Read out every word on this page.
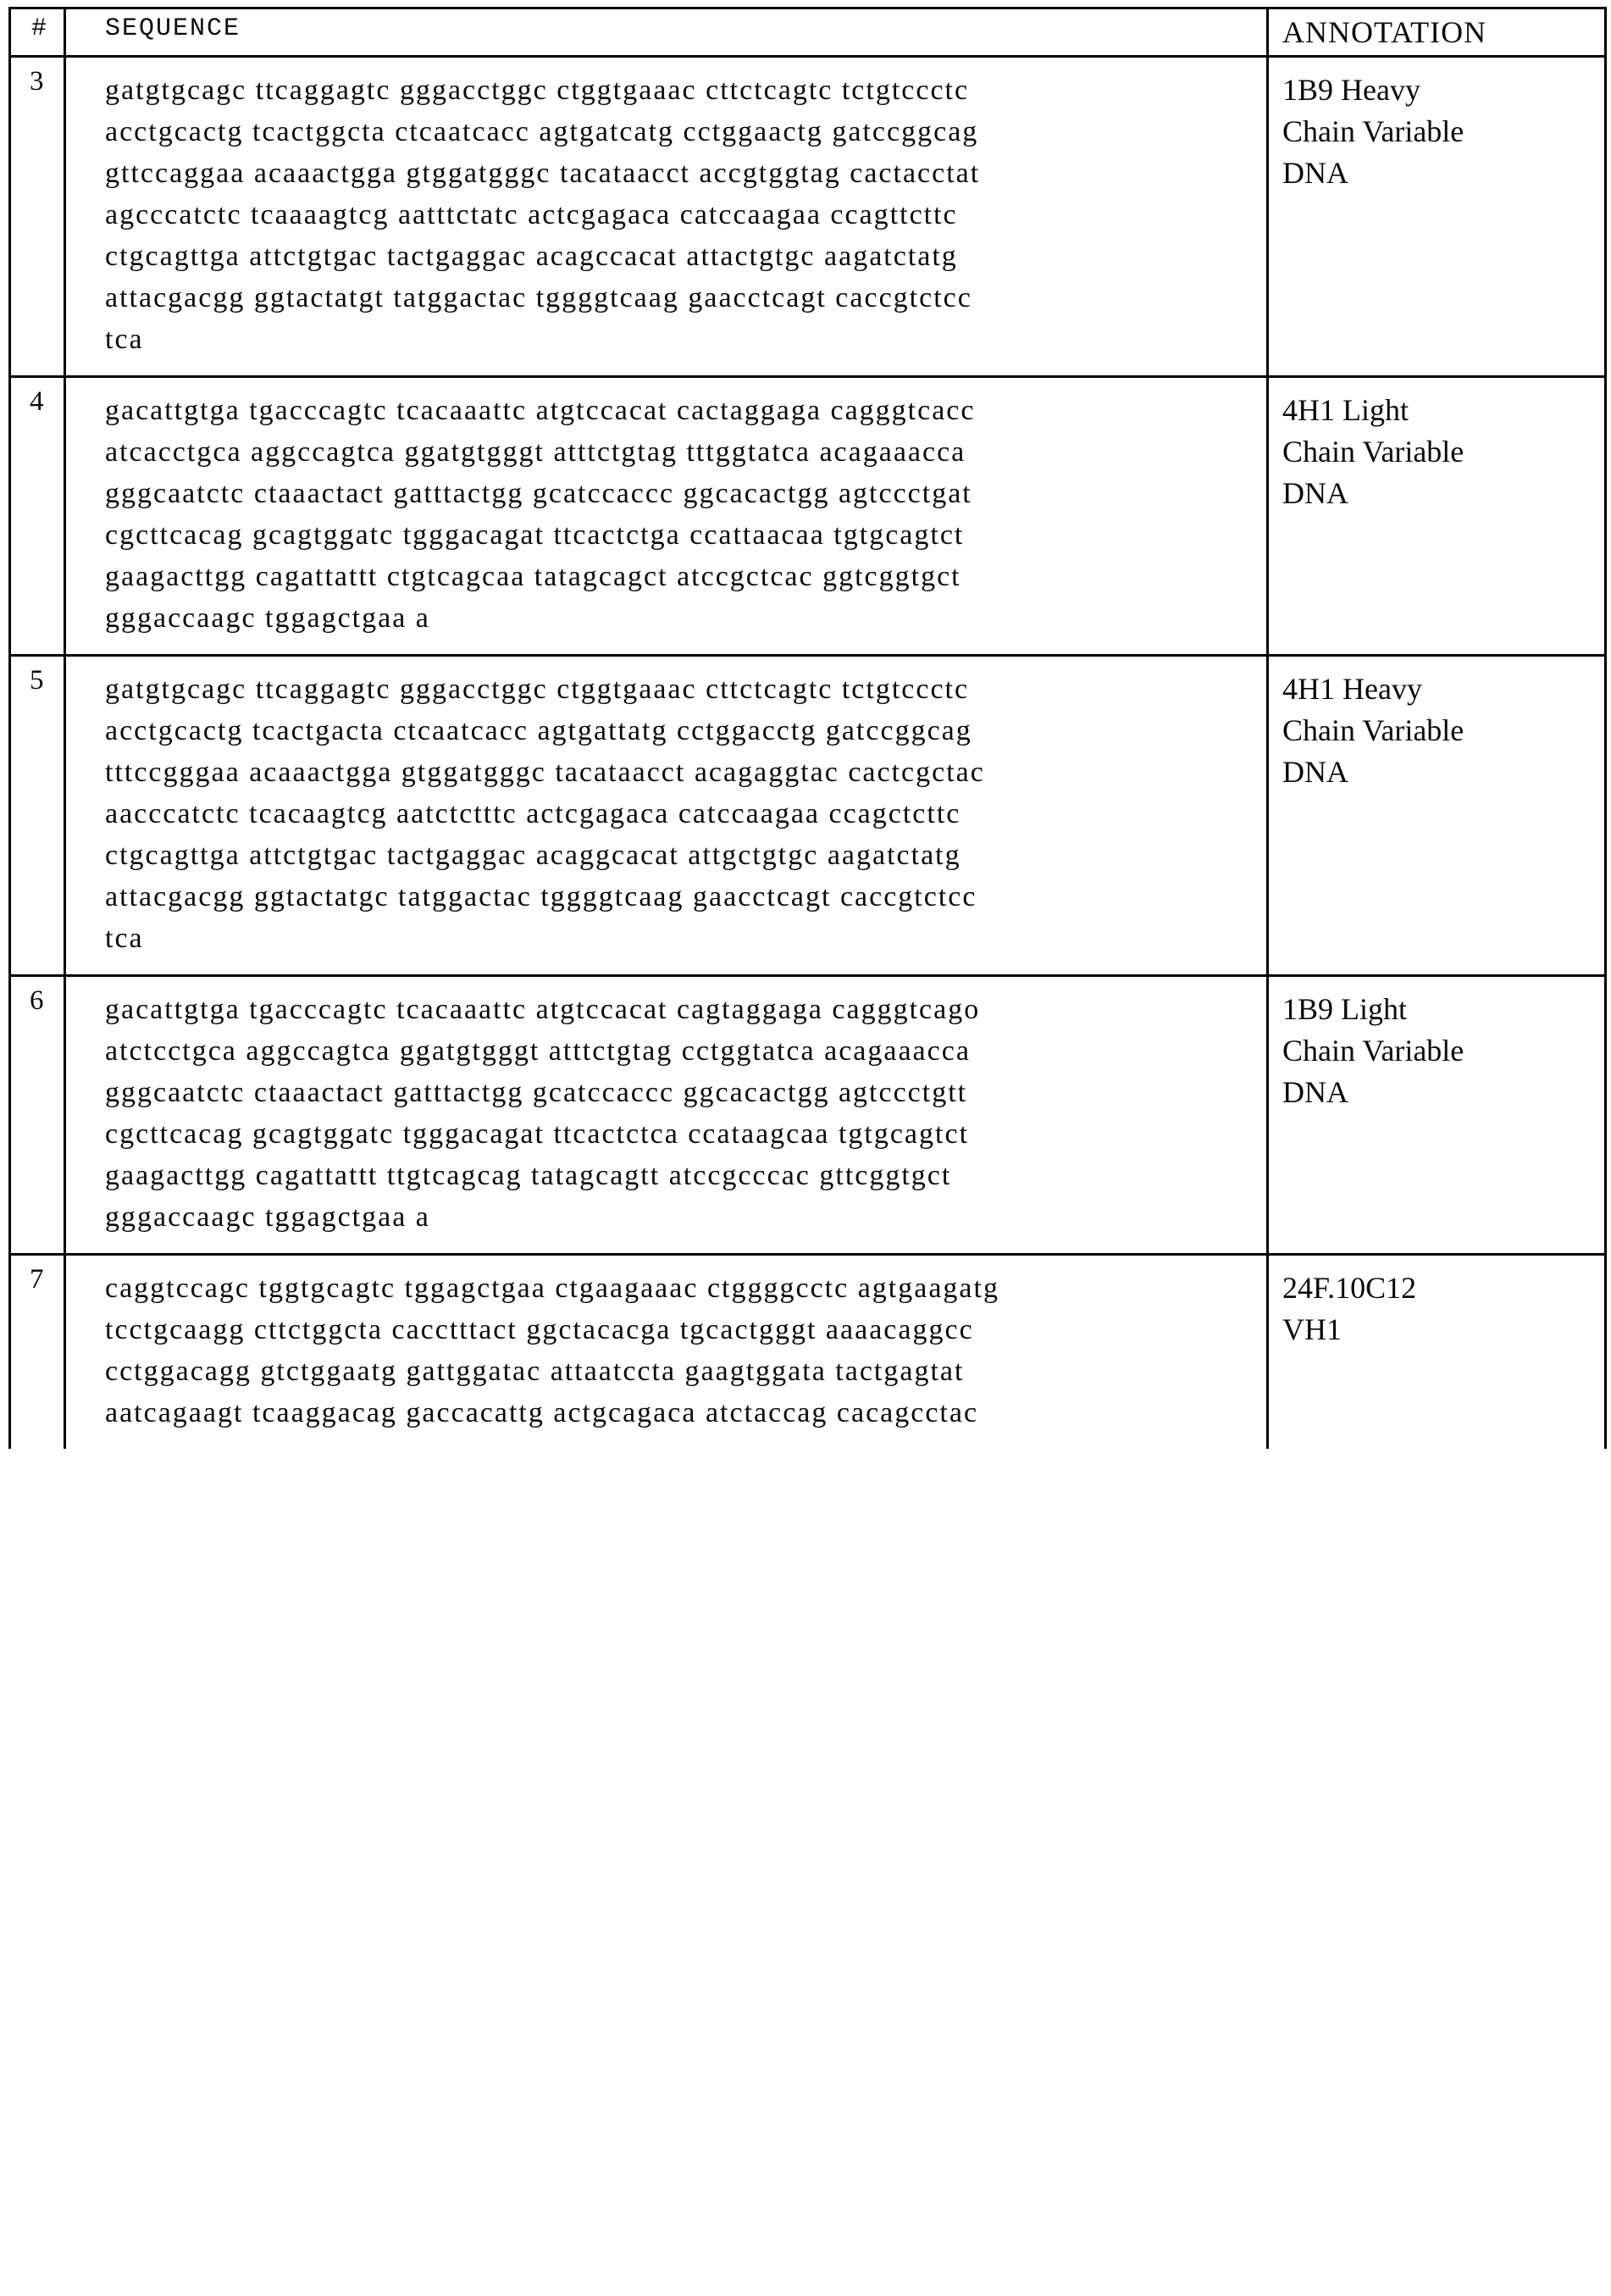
#	SEQUENCE	ANNOTATION
3	gatgtgcagc ttcaggagtc gggacctggc ctggtgaaac cttctcagtc tctgtccctc
acctgcactg tcactggcta ctcaatcacc agtgatcatg cctggaactg gatccggcag
gttccaggaa acaaactgga gtggatgggc tacataacct accgtggtag cactacctat
agcccatctc tcaaaagtcg aatttctatc actcgagaca catccaagaa ccagttcttc
ctgcagttga attctgtgac tactgaggac acagccacat attactgtgc aagatctatg
attacgacgg ggtactatgt tatggactac tggggtcaag gaacctcagt caccgtctcc
tca	1B9 Heavy
Chain Variable
DNA
4	gacattgtga tgacccagtc tcacaaattc atgtccacat cactaggaga cagggtcacc
atcacctgca aggccagtca ggatgtgggt atttctgtag tttggtatca acagaaacca
gggcaatctc ctaaactact gatttactgg gcatccaccc ggcacactgg agtccctgat
cgcttcacag gcagtggatc tgggacagat ttcactctga ccattaacaa tgtgcagtct
gaagacttgg cagattattt ctgtcagcaa tatagcagct atccgctcac ggtcggtgct
gggaccaagc tggagctgaa a	4H1 Light
Chain Variable
DNA
5	gatgtgcagc ttcaggagtc gggacctggc ctggtgaaac cttctcagtc tctgtccctc
acctgcactg tcactgacta ctcaatcacc agtgattatg cctggacctg gatccggcag
tttccgggaa acaaactgga gtggatgggc tacataacct acagaggtac cactcgctac
aacccatctc tcacaagtcg aatctctttc actcgagaca catccaagaa ccagctcttc
ctgcagttga attctgtgac tactgaggac acaggcacat attgctgtgc aagatctatg
attacgacgg ggtactatgc tatggactac tggggtcaag gaacctcagt caccgtctcc
tca	4H1 Heavy
Chain Variable
DNA
6	gacattgtga tgacccagtc tcacaaattc atgtccacat cagtaggaga cagggtcago
atctcctgca aggccagtca ggatgtgggt atttctgtag cctggtatca acagaaacca
gggcaatctc ctaaactact gatttactgg gcatccaccc ggcacactgg agtccctgtt
cgcttcacag gcagtggatc tgggacagat ttcactctca ccataagcaa tgtgcagtct
gaagacttgg cagattattt ttgtcagcag tatagcagtt atccgcccac gttcggtgct
gggaccaagc tggagctgaa a	1B9 Light
Chain Variable
DNA
7	caggtccagc tggtgcagtc tggagctgaa ctgaagaaac ctggggcctc agtgaagatg
tcctgcaagg cttctggcta cacctttact ggctacacga tgcactgggt aaaacaggcc
cctggacagg gtctggaatg gattggatac attaatccta gaagtggata tactgagtat
aatcagaagt tcaaggacag gaccacattg actgcagaca atctaccag cacagcctac	24F.10C12
VH1
